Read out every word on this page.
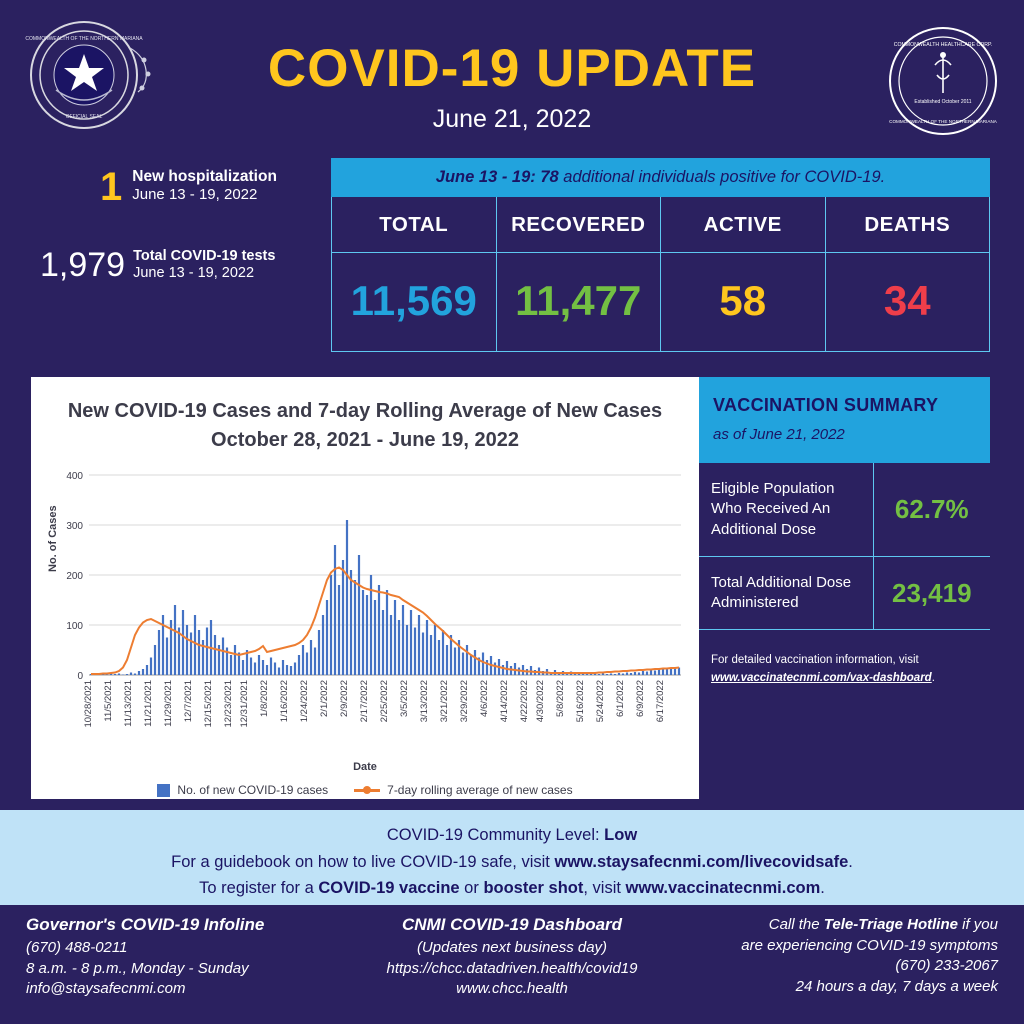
COMMONWEALTH OF THE NORTHERN MARIANA
OFFICIAL SEAL
COMMONWEALTH HEALTHCARE CORP.
Established October 2011
COMMONWEALTH OF THE NORTHERN MARIANA
COVID-19 UPDATE
June 21, 2022
1 New hospitalization
June 13 - 19, 2022
1,979 Total COVID-19 tests
June 13 - 19, 2022
June 13 - 19: 78 additional individuals positive for COVID-19.
TOTAL
11,569
RECOVERED
11,477
ACTIVE
58
DEATHS
34
New COVID-19 Cases and 7-day Rolling Average of New Cases
October 28, 2021 - June 19, 2022
No. of Cases
0
100
200
300
400
10/28/2021 11/5/2021 11/13/2021 11/21/2021 11/29/2021 12/7/2021 12/15/2021 12/23/2021 12/31/2021 1/8/2022 1/16/2022 1/24/2022 2/1/2022 2/9/2022 2/17/2022 2/25/2022 3/5/2022 3/13/2022 3/21/2022 3/29/2022 4/6/2022 4/14/2022 4/22/2022 4/30/2022 5/8/2022 5/16/2022 5/24/2022 6/1/2022 6/9/2022 6/17/2022
Date
No. of new COVID-19 cases	7-day rolling average of new cases
VACCINATION SUMMARY
as of June 21, 2022
Eligible Population Who Received An Additional Dose
62.7%
Total Additional Dose Administered	23,419
For detailed vaccination information, visit www.vaccinatecnmi.com/vax-dashboard.
COVID-19 Community Level: Low
For a guidebook on how to live COVID-19 safe, visit www.staysafecnmi.com/livecovidsafe.
To register for a COVID-19 vaccine or booster shot, visit www.vaccinatecnmi.com.
Governor's COVID-19 Infoline
(670) 488-0211
8 a.m. - 8 p.m., Monday - Sunday
info@staysafecnmi.com
CNMI COVID-19 Dashboard
(Updates next business day)
https://chcc.datadriven.health/covid19
www.chcc.health
Call the Tele-Triage Hotline if you
are experiencing COVID-19 symptoms
(670) 233-2067
24 hours a day, 7 days a week
